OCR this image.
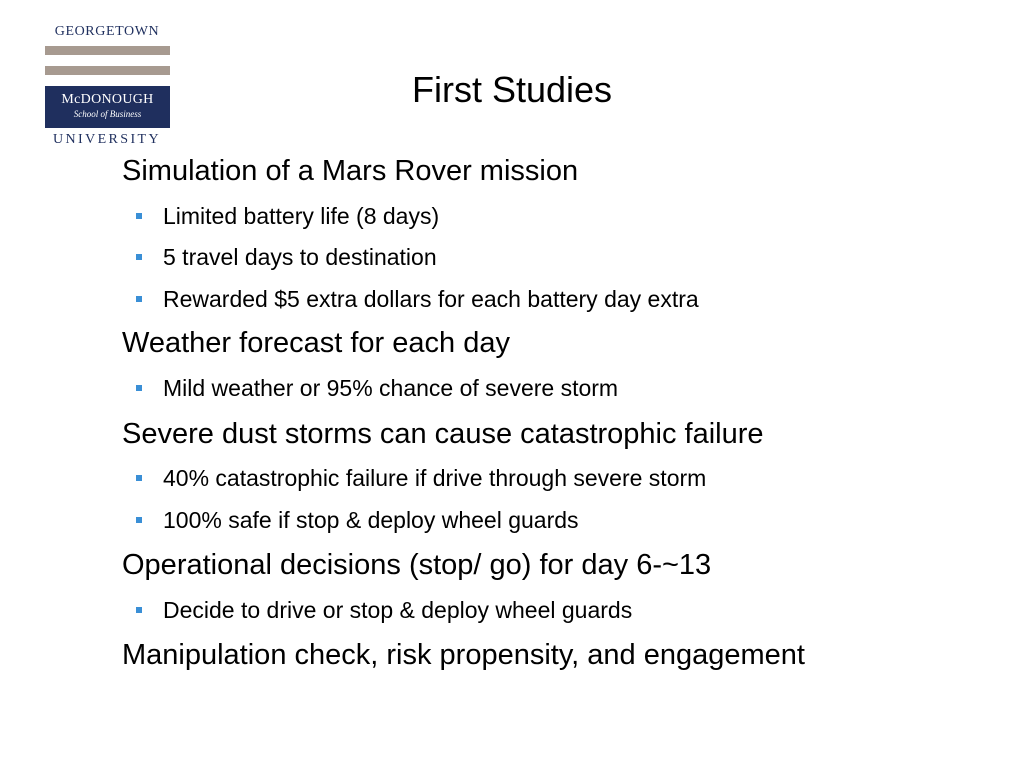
GEORGETOWN
McDONOUGH
School of Business
UNIVERSITY
First Studies
Simulation of a Mars Rover mission
Limited battery life (8 days)
5 travel days to destination
Rewarded $5 extra dollars for each battery day extra
Weather forecast for each day
Mild weather or 95% chance of severe storm
Severe dust storms can cause catastrophic failure
40% catastrophic failure if drive through severe storm
100% safe if stop & deploy wheel guards
Operational decisions (stop/ go) for day 6-~13
Decide to drive or stop & deploy wheel guards
Manipulation check, risk propensity, and engagement
